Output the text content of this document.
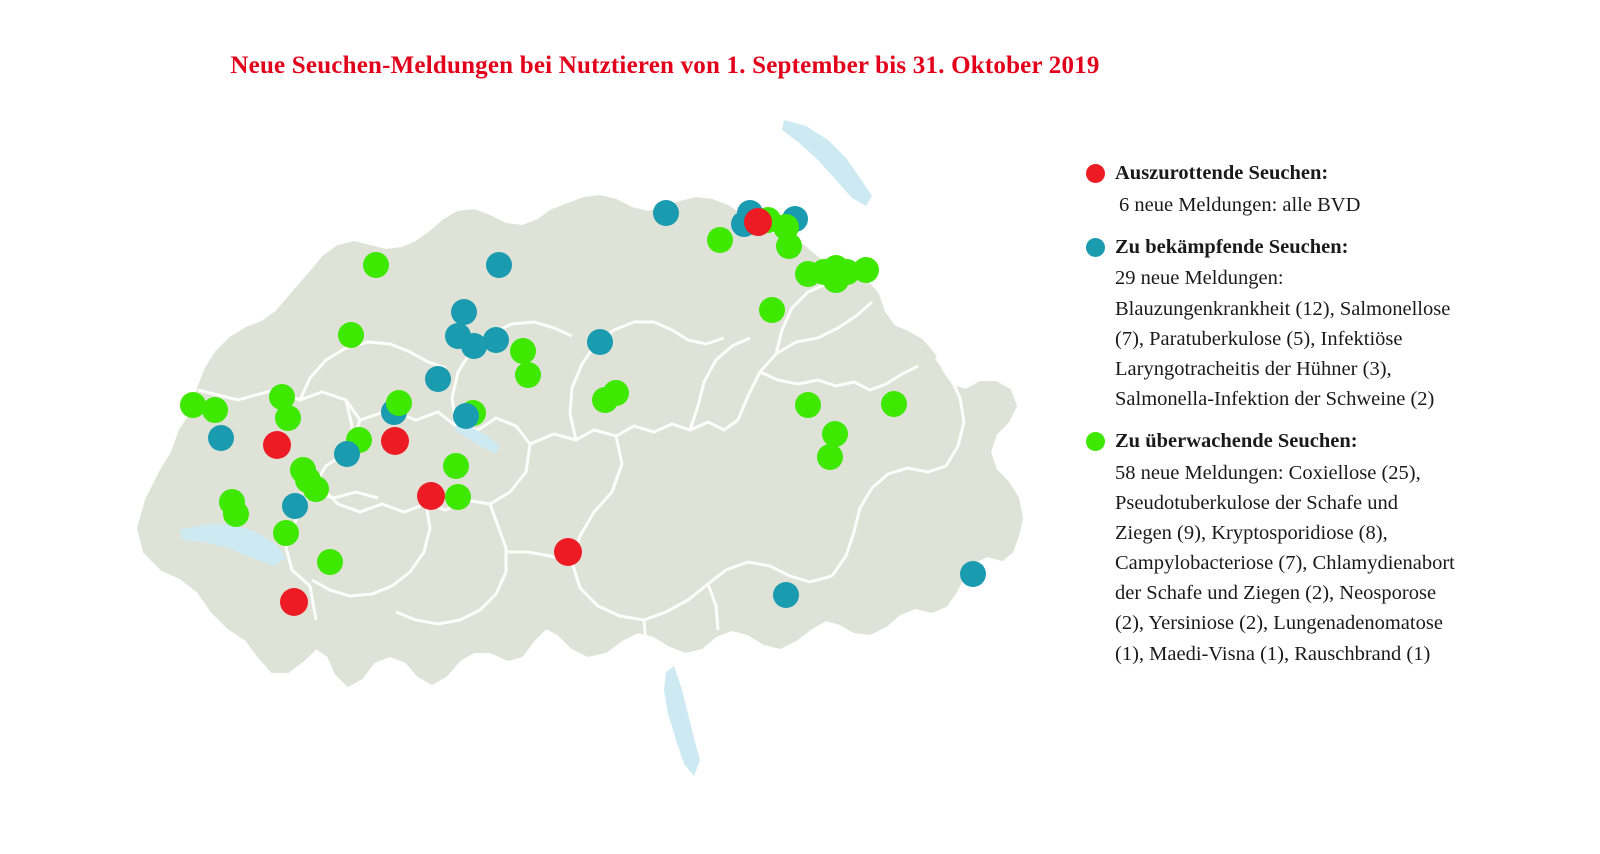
Neue Seuchen-Meldungen bei Nutztieren von 1. September bis 31. Oktober 2019
Auszurottende Seuchen:
6 neue Meldungen: alle BVD
Zu bekämpfende Seuchen:
29 neue Meldungen: Blauzungenkrankheit (12), Salmonellose (7), Paratuberkulose (5), Infektiöse Laryngotracheitis der Hühner (3), Salmonella-Infektion der Schweine (2)
Zu überwachende Seuchen:
58 neue Meldungen: Coxiellose (25), Pseudotuberkulose der Schafe und Ziegen (9), Kryptosporidiose (8), Campylobacteriose (7), Chlamydienabort der Schafe und Ziegen (2), Neosporose (2), Yersiniose (2), Lungenadenomatose (1), Maedi-Visna (1), Rauschbrand (1)
